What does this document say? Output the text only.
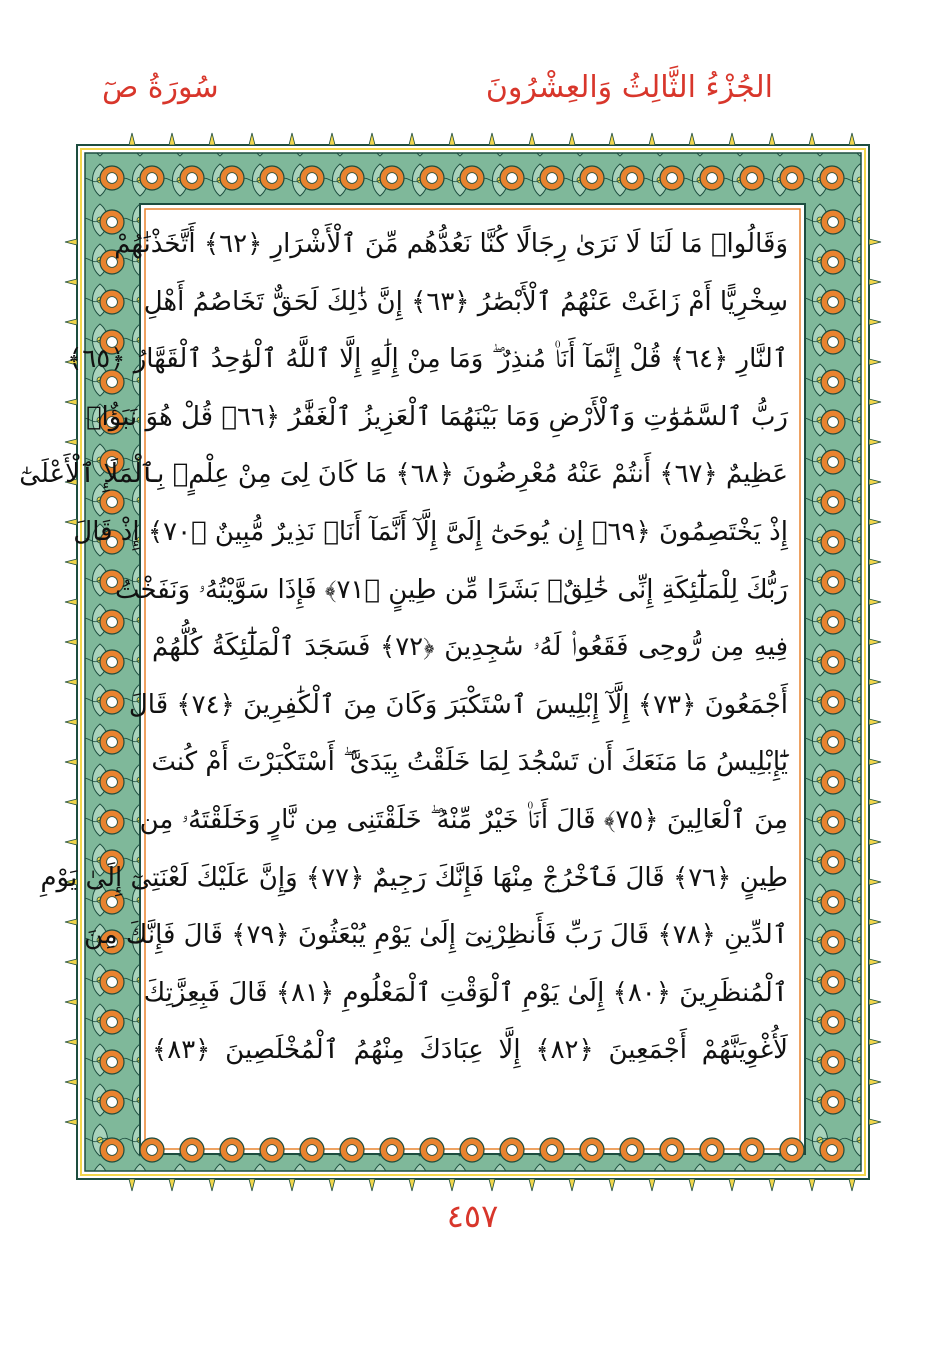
سُورَةُ صٓ	الجُزْءُ الثَّالِثُ وَالعِشْرُونَ
وَقَالُوا۟ مَا لَنَا لَا نَرَىٰ رِجَالًا كُنَّا نَعُدُّهُم مِّنَ ٱلْأَشْرَارِ ﴿٦٢﴾ أَتَّخَذْنَٰهُمْ
سِخْرِيًّا أَمْ زَاغَتْ عَنْهُمُ ٱلْأَبْصَٰرُ ﴿٦٣﴾ إِنَّ ذَٰلِكَ لَحَقٌّ تَخَاصُمُ أَهْلِ
ٱلنَّارِ ﴿٦٤﴾ قُلْ إِنَّمَآ أَنَا۠ مُنذِرٌ ۖ وَمَا مِنْ إِلَٰهٍ إِلَّا ٱللَّهُ ٱلْوَٰحِدُ ٱلْقَهَّارُ ﴿٦٥﴾
رَبُّ ٱلسَّمَٰوَٰتِ وَٱلْأَرْضِ وَمَا بَيْنَهُمَا ٱلْعَزِيزُ ٱلْغَفَّٰرُ ﴿٦٦﴾ قُلْ هُوَ نَبَؤٌا۟
عَظِيمٌ ﴿٦٧﴾ أَنتُمْ عَنْهُ مُعْرِضُونَ ﴿٦٨﴾ مَا كَانَ لِىَ مِنْ عِلْمٍۭ بِٱلْمَلَإِ ٱلْأَعْلَىٰٓ
إِذْ يَخْتَصِمُونَ ﴿٦٩﴾ إِن يُوحَىٰٓ إِلَىَّ إِلَّآ أَنَّمَآ أَنَا۠ نَذِيرٌ مُّبِينٌ ﴿٧٠﴾ إِذْ قَالَ
رَبُّكَ لِلْمَلَٰٓئِكَةِ إِنِّى خَٰلِقٌۢ بَشَرًا مِّن طِينٍ ﴿٧١﴾ فَإِذَا سَوَّيْتُهُۥ وَنَفَخْتُ
فِيهِ مِن رُّوحِى فَقَعُوا۟ لَهُۥ سَٰجِدِينَ ﴿٧٢﴾ فَسَجَدَ ٱلْمَلَٰٓئِكَةُ كُلُّهُمْ
أَجْمَعُونَ ﴿٧٣﴾ إِلَّآ إِبْلِيسَ ٱسْتَكْبَرَ وَكَانَ مِنَ ٱلْكَٰفِرِينَ ﴿٧٤﴾ قَالَ
يَٰٓإِبْلِيسُ مَا مَنَعَكَ أَن تَسْجُدَ لِمَا خَلَقْتُ بِيَدَىَّ ۖ أَسْتَكْبَرْتَ أَمْ كُنتَ
مِنَ ٱلْعَالِينَ ﴿٧٥﴾ قَالَ أَنَا۠ خَيْرٌ مِّنْهُ ۖ خَلَقْتَنِى مِن نَّارٍ وَخَلَقْتَهُۥ مِن
طِينٍ ﴿٧٦﴾ قَالَ فَٱخْرُجْ مِنْهَا فَإِنَّكَ رَجِيمٌ ﴿٧٧﴾ وَإِنَّ عَلَيْكَ لَعْنَتِىٓ إِلَىٰ يَوْمِ
ٱلدِّينِ ﴿٧٨﴾ قَالَ رَبِّ فَأَنظِرْنِىٓ إِلَىٰ يَوْمِ يُبْعَثُونَ ﴿٧٩﴾ قَالَ فَإِنَّكَ مِنَ
ٱلْمُنظَرِينَ ﴿٨٠﴾ إِلَىٰ يَوْمِ ٱلْوَقْتِ ٱلْمَعْلُومِ ﴿٨١﴾ قَالَ فَبِعِزَّتِكَ
لَأُغْوِيَنَّهُمْ أَجْمَعِينَ ﴿٨٢﴾ إِلَّا عِبَادَكَ مِنْهُمُ ٱلْمُخْلَصِينَ ﴿٨٣﴾
٤٥٧
